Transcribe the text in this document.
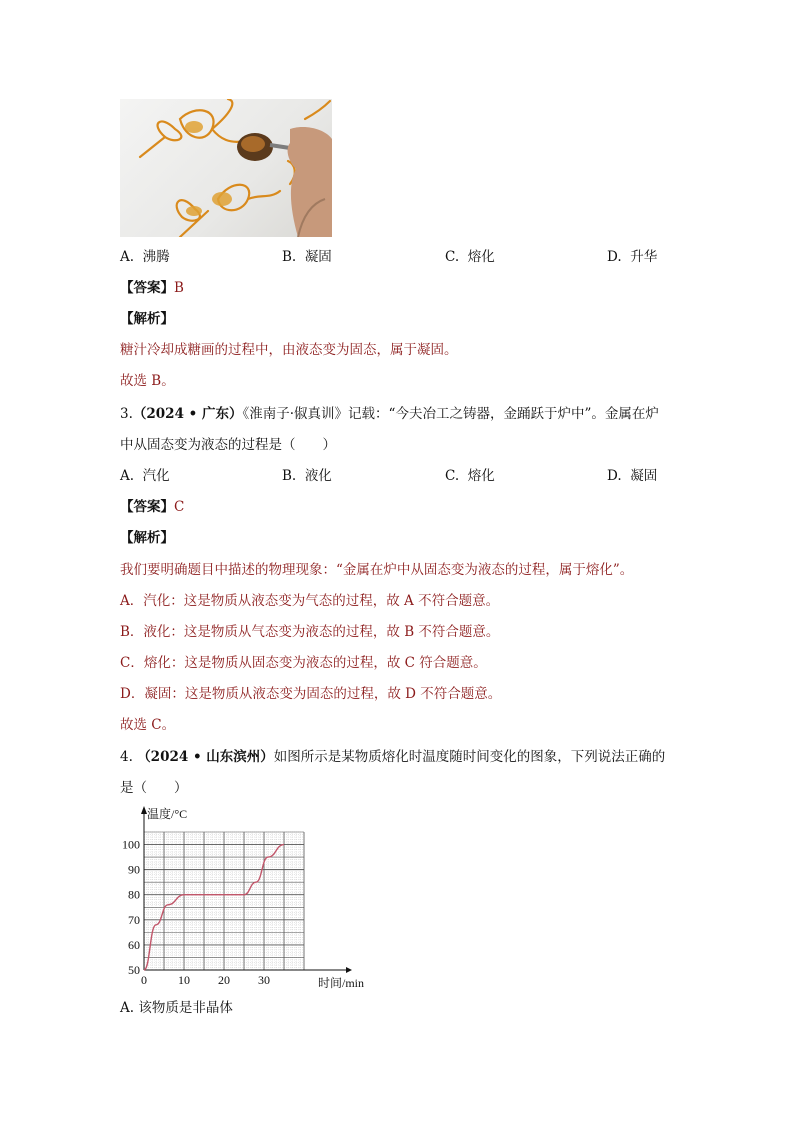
A. 沸腾	B. 凝固	C. 熔化	D. 升华
【答案】B
【解析】
糖汁冷却成糖画的过程中，由液态变为固态，属于凝固。
故选 B。
3.（2024 • 广东）《淮南子·俶真训》记载：“今夫冶工之铸器，金踊跃于炉中”。金属在炉
中从固态变为液态的过程是（　　）
A. 汽化	B. 液化	C. 熔化	D. 凝固
【答案】C
【解析】
我们要明确题目中描述的物理现象：“金属在炉中从固态变为液态的过程，属于熔化”。
A．汽化：这是物质从液态变为气态的过程，故 A 不符合题意。
B．液化：这是物质从气态变为液态的过程，故 B 不符合题意。
C．熔化：这是物质从固态变为液态的过程，故 C 符合题意。
D．凝固：这是物质从液态变为固态的过程，故 D 不符合题意。
故选 C。
4. （2024 • 山东滨州）如图所示是某物质熔化时温度随时间变化的图象，下列说法正确的
是（　　）
50
60
70
80
90
100
0	10 20 30
温度/°C
时间/min
A. 该物质是非晶体
